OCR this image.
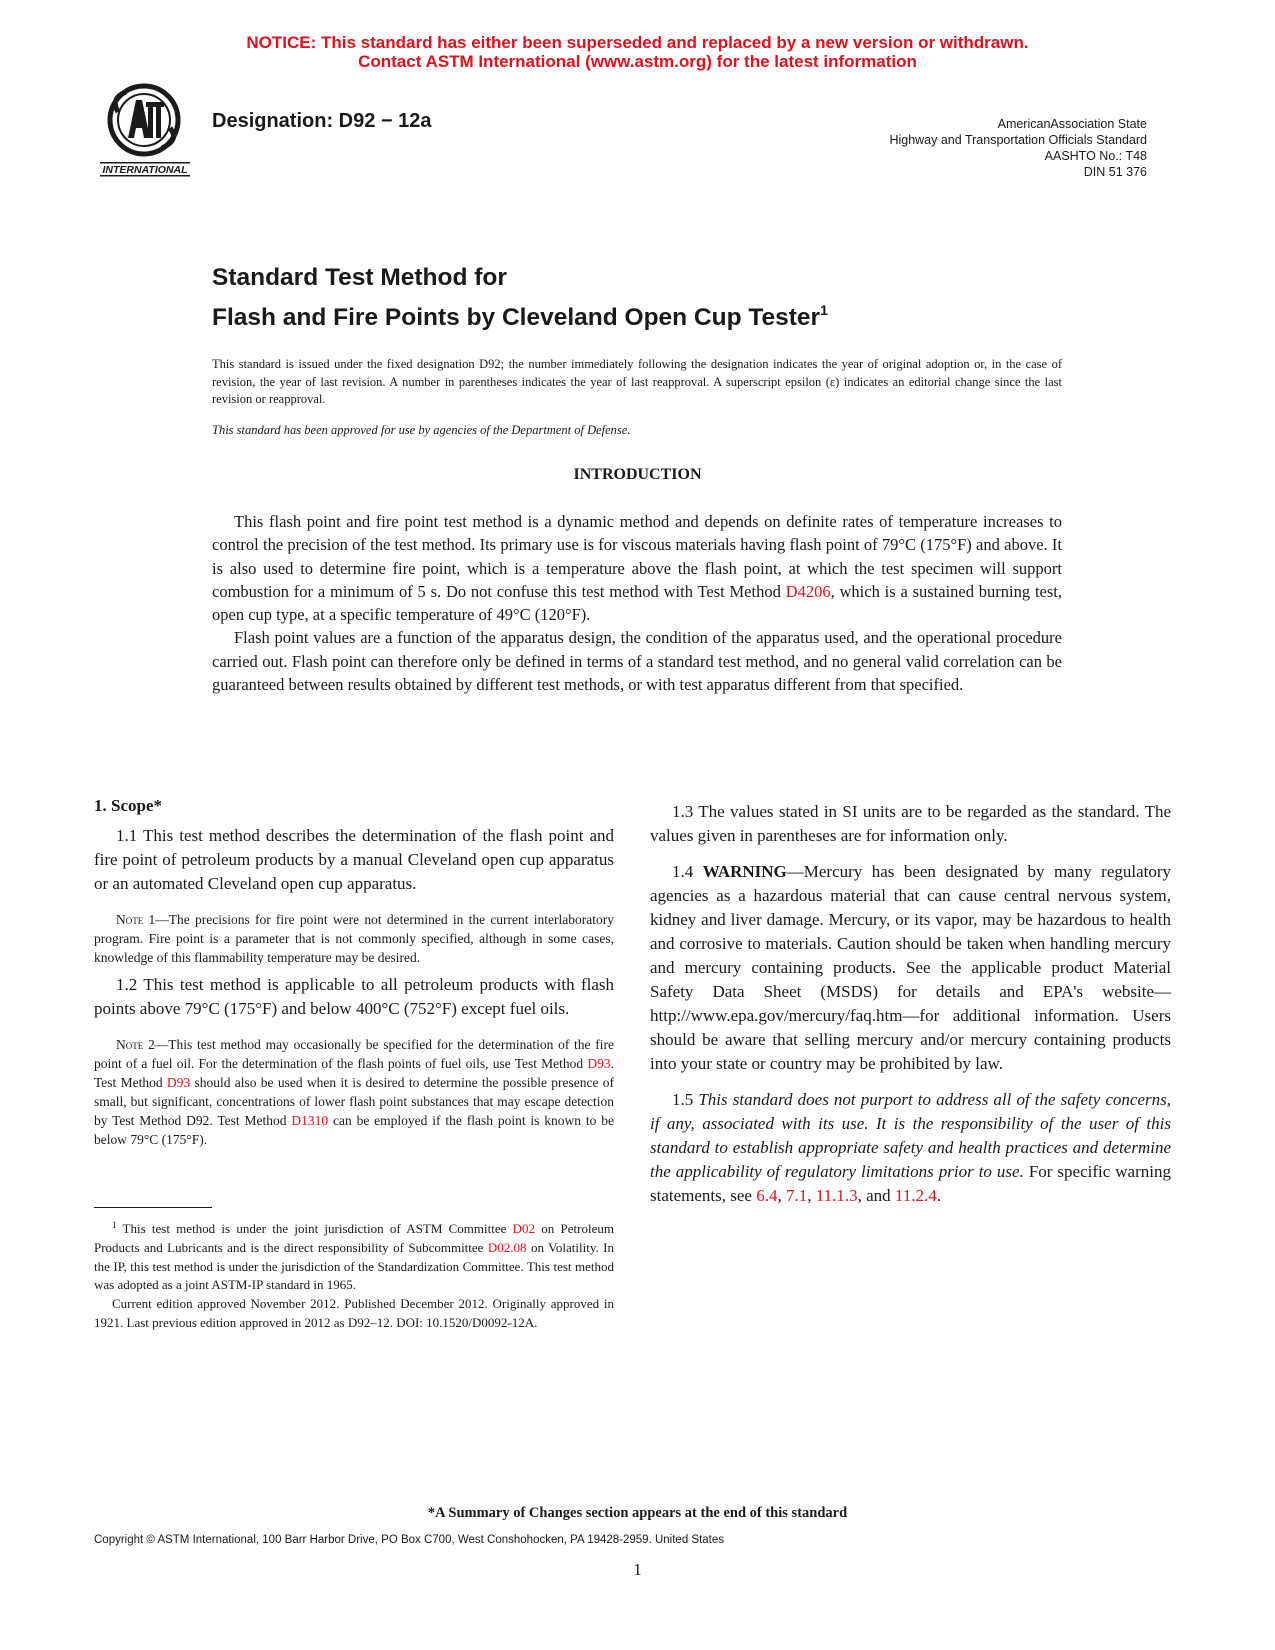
NOTICE: This standard has either been superseded and replaced by a new version or withdrawn.
Contact ASTM International (www.astm.org) for the latest information
INTERNATIONAL
Designation: D92 − 12a	AmericanAssociation State
Highway and Transportation Officials Standard
AASHTO No.: T48
DIN 51 376
Standard Test Method for
Flash and Fire Points by Cleveland Open Cup Tester$^1$
This standard is issued under the fixed designation D92; the number immediately following the designation indicates the year of original adoption or, in the case of revision, the year of last revision. A number in parentheses indicates the year of last reapproval. A superscript epsilon (ε) indicates an editorial change since the last revision or reapproval.
This standard has been approved for use by agencies of the Department of Defense.
INTRODUCTION

This flash point and fire point test method is a dynamic method and depends on definite rates of temperature increases to control the precision of the test method. Its primary use is for viscous materials having flash point of 79°C (175°F) and above. It is also used to determine fire point, which is a temperature above the flash point, at which the test specimen will support combustion for a minimum of 5 s. Do not confuse this test method with Test Method D4206, which is a sustained burning test, open cup type, at a specific temperature of 49°C (120°F).

Flash point values are a function of the apparatus design, the condition of the apparatus used, and the operational procedure carried out. Flash point can therefore only be defined in terms of a standard test method, and no general valid correlation can be guaranteed between results obtained by different test methods, or with test apparatus different from that specified.

1. Scope*

1.1 This test method describes the determination of the flash point and fire point of petroleum products by a manual Cleveland open cup apparatus or an automated Cleveland open cup apparatus.

Note 1—The precisions for fire point were not determined in the current interlaboratory program. Fire point is a parameter that is not commonly specified, although in some cases, knowledge of this flammability temperature may be desired.

1.2 This test method is applicable to all petroleum products with flash points above 79°C (175°F) and below 400°C (752°F) except fuel oils.

Note 2—This test method may occasionally be specified for the determination of the fire point of a fuel oil. For the determination of the flash points of fuel oils, use Test Method D93. Test Method D93 should also be used when it is desired to determine the possible presence of small, but significant, concentrations of lower flash point substances that may escape detection by Test Method D92. Test Method D1310 can be employed if the flash point is known to be below 79°C (175°F).

1.3 The values stated in SI units are to be regarded as the standard. The values given in parentheses are for information only.

1.4 WARNING—Mercury has been designated by many regulatory agencies as a hazardous material that can cause central nervous system, kidney and liver damage. Mercury, or its vapor, may be hazardous to health and corrosive to materials. Caution should be taken when handling mercury and mercury containing products. See the applicable product Material Safety Data Sheet (MSDS) for details and EPA's website—http://www.epa.gov/mercury/faq.htm—for additional information. Users should be aware that selling mercury and/or mercury containing products into your state or country may be prohibited by law.

1.5 This standard does not purport to address all of the safety concerns, if any, associated with its use. It is the responsibility of the user of this standard to establish appropriate safety and health practices and determine the applicability of regulatory limitations prior to use. For specific warning statements, see 6.4, 7.1, 11.1.3, and 11.2.4.

$^1$ This test method is under the joint jurisdiction of ASTM Committee D02 on Petroleum Products and Lubricants and is the direct responsibility of Subcommittee D02.08 on Volatility. In the IP, this test method is under the jurisdiction of the Standardization Committee. This test method was adopted as a joint ASTM-IP standard in 1965.

Current edition approved November 2012. Published December 2012. Originally approved in 1921. Last previous edition approved in 2012 as D92–12. DOI: 10.1520/D0092-12A.

*A Summary of Changes section appears at the end of this standard
Copyright © ASTM International, 100 Barr Harbor Drive, PO Box C700, West Conshohocken, PA 19428-2959. United States
1
